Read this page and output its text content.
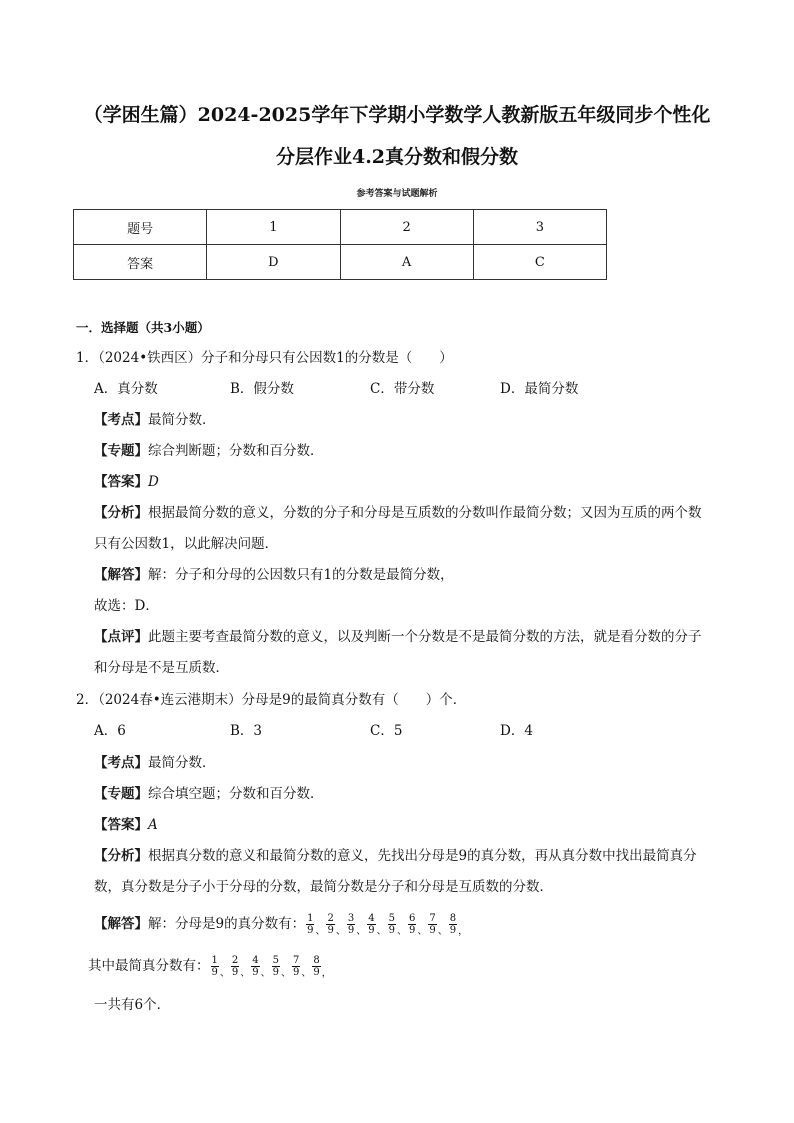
（学困生篇）2024-2025学年下学期小学数学人教新版五年级同步个性化
分层作业4.2真分数和假分数
参考答案与试题解析
题号	1	2	3
答案	D	A	C
一．选择题（共3小题）
1．（2024•铁西区）分子和分母只有公因数1的分数是（　　）
A．真分数	B．假分数	C．带分数	D．最简分数
【考点】最简分数．
【专题】综合判断题；分数和百分数．
【答案】D
【分析】根据最简分数的意义，分数的分子和分母是互质数的分数叫作最简分数；又因为互质的两个数
只有公因数1，以此解决问题．
【解答】解：分子和分母的公因数只有1的分数是最简分数，
故选：D．
【点评】此题主要考查最简分数的意义，以及判断一个分数是不是最简分数的方法，就是看分数的分子
和分母是不是互质数．
2．（2024春•连云港期末）分母是9的最简真分数有（　　）个．
A．6	B．3	C．5	D．4
【考点】最简分数．
【专题】综合填空题；分数和百分数．
【答案】A
【分析】根据真分数的意义和最简分数的意义，先找出分母是9的真分数，再从真分数中找出最简真分
数，真分数是分子小于分母的分数，最简分数是分子和分母是互质数的分数．
【解答】解：分母是9的真分数有： $\frac{1}{9} _、 \frac{2}{9} _、 \frac{3}{9} _、 \frac{4}{9} _、 \frac{5}{9} _、 \frac{6}{9} _、 \frac{7}{9} _、 \frac{8}{9} _,$
其中最简真分数有： $\frac{1}{9} _、 \frac{2}{9} _、 \frac{4}{9} _、 \frac{5}{9} _、 \frac{7}{9} _、 \frac{8}{9} _,$
一共有6个．
